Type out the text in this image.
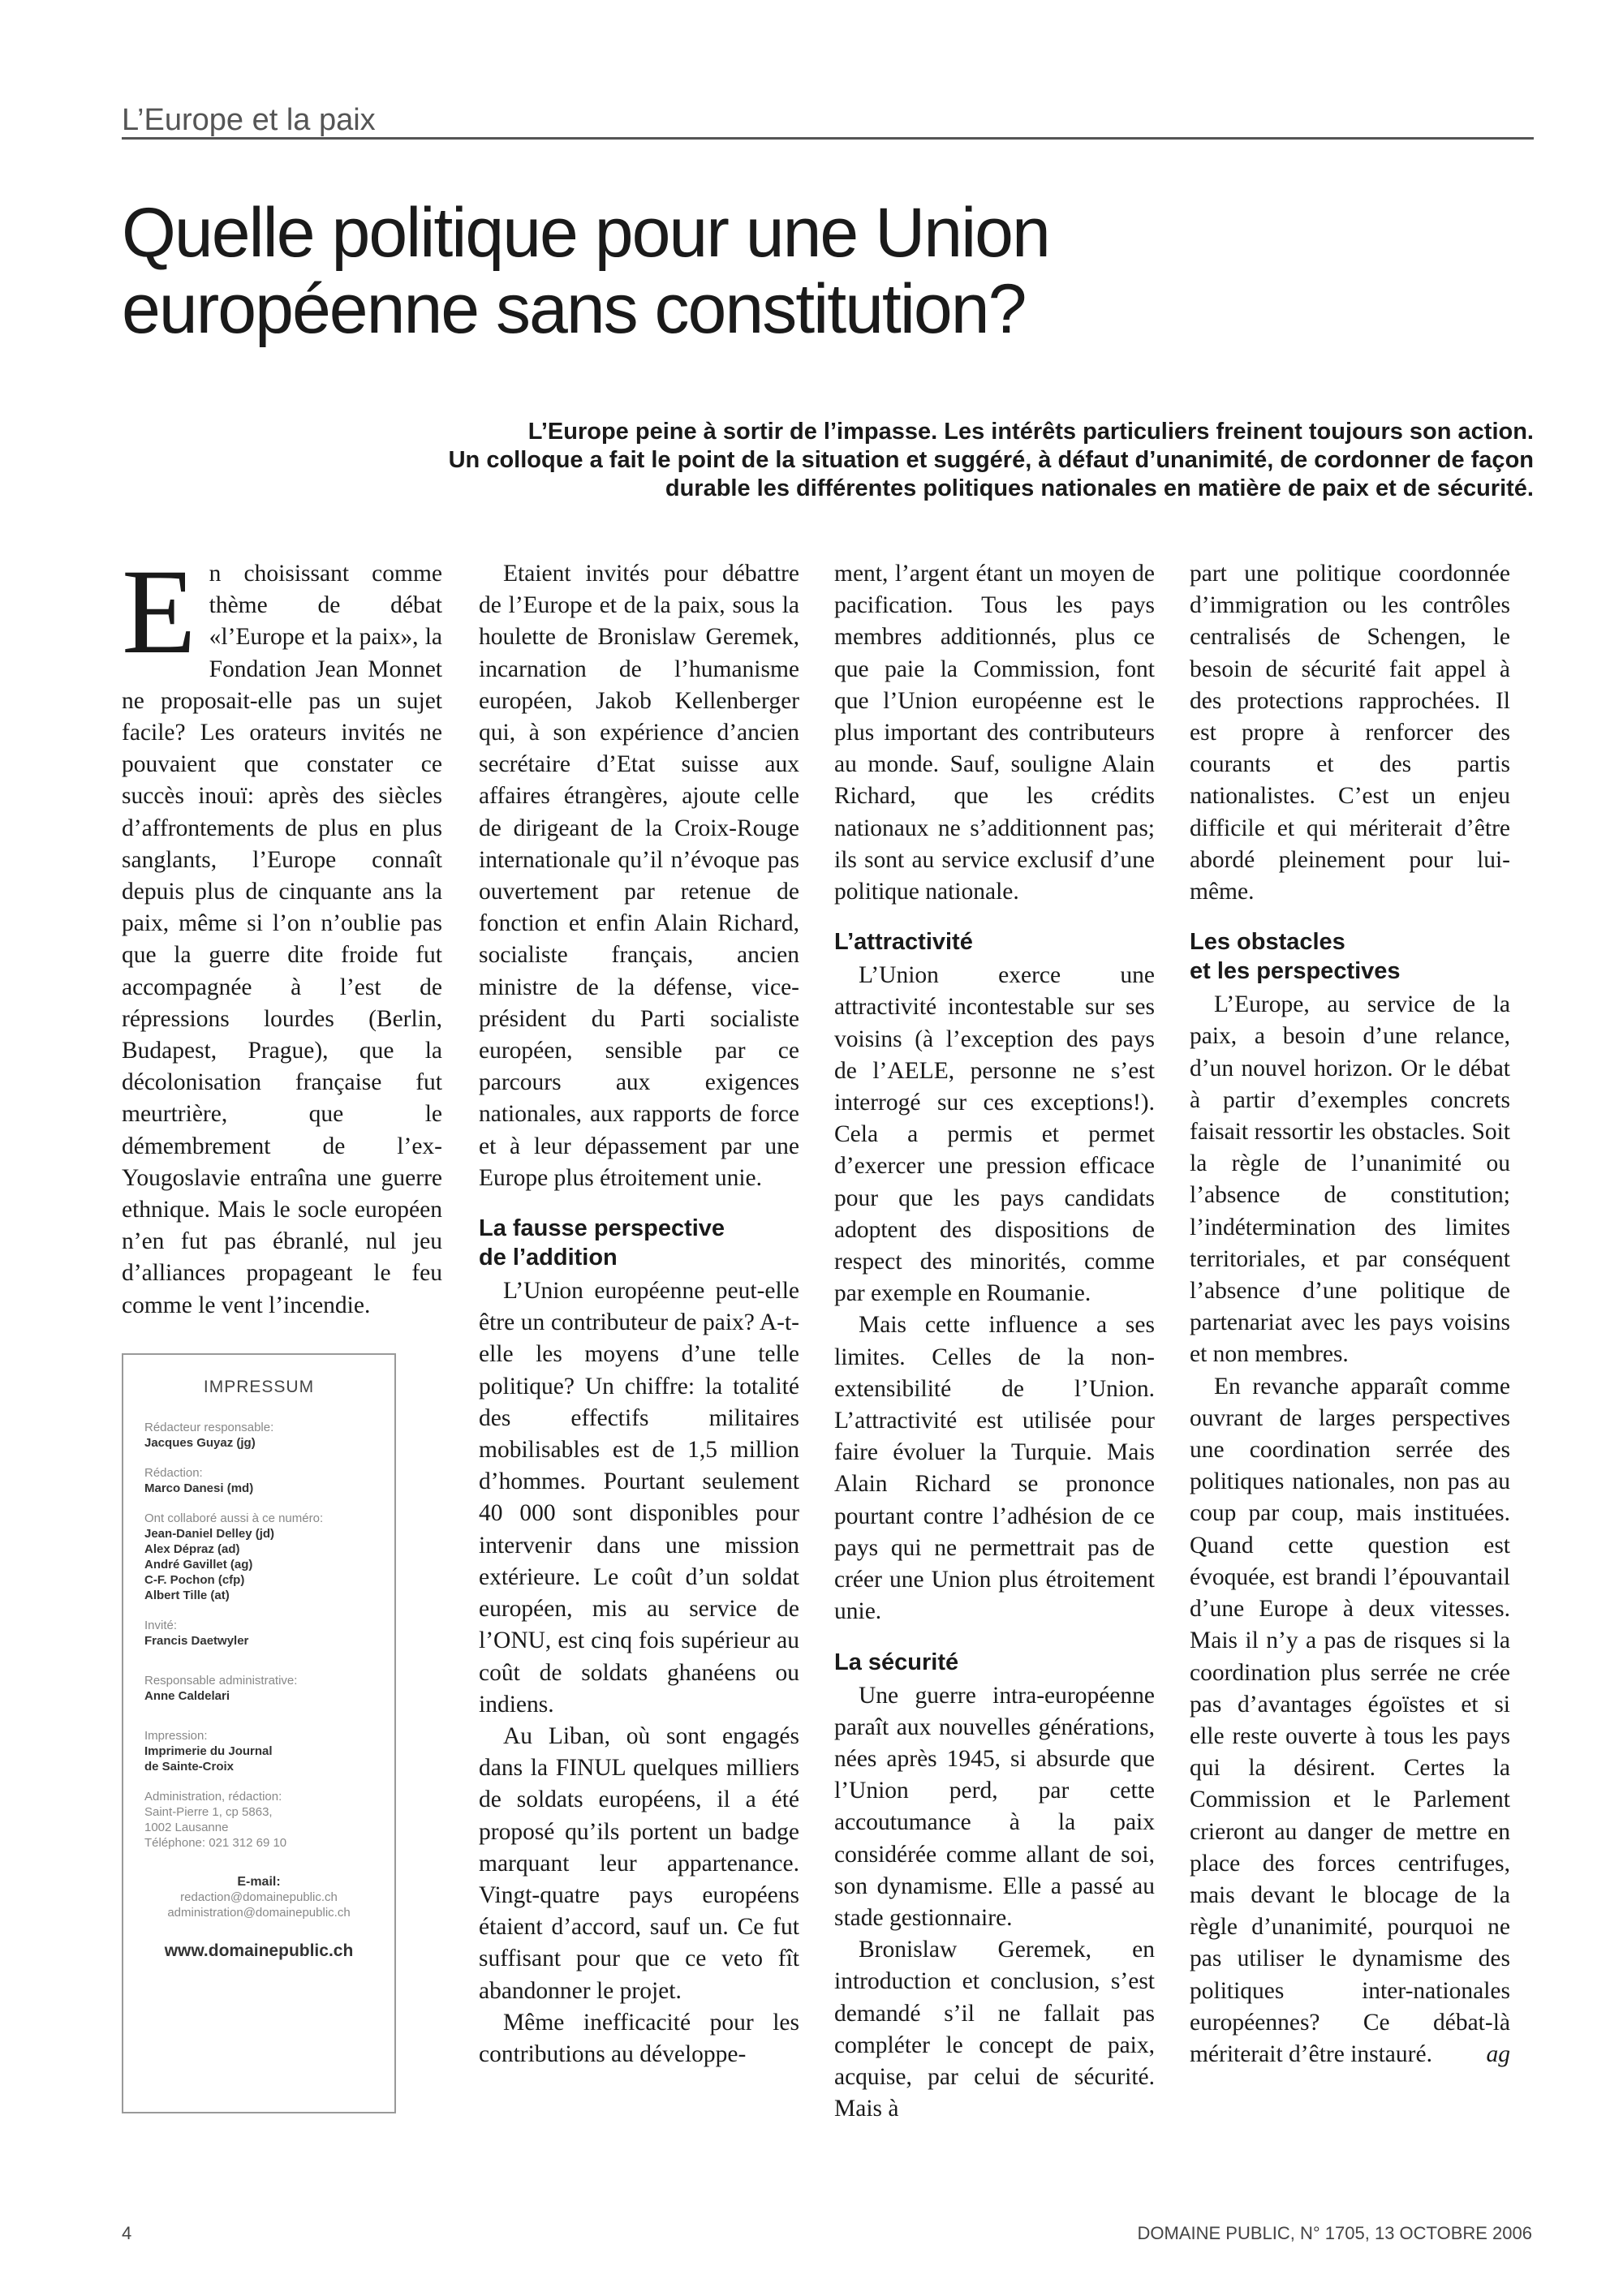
L’Europe et la paix
Quelle politique pour une Union
européenne sans constitution?
L’Europe peine à sortir de l’impasse. Les intérêts particuliers freinent toujours son action.
Un colloque a fait le point de la situation et suggéré, à défaut d’unanimité, de cordonner de façon
durable les différentes politiques nationales en matière de paix et de sécurité.

En choisissant comme thème de débat «l’Europe et la paix», la Fondation Jean Monnet ne proposait-elle pas un sujet facile? Les orateurs invités ne pouvaient que constater ce succès inouï: après des siècles d’affrontements de plus en plus sanglants, l’Europe connaît depuis plus de cinquante ans la paix, même si l’on n’oublie pas que la guerre dite froide fut accompagnée à l’est de répressions lourdes (Berlin, Budapest, Prague), que la décolonisation française fut meurtrière, que le démembrement de l’ex-Yougoslavie entraîna une guerre ethnique. Mais le socle européen n’en fut pas ébranlé, nul jeu d’alliances propageant le feu comme le vent l’incendie.

Etaient invités pour débattre de l’Europe et de la paix, sous la houlette de Bronislaw Geremek, incarnation de l’humanisme européen, Jakob Kellenberger qui, à son expérience d’ancien secrétaire d’Etat suisse aux affaires étrangères, ajoute celle de dirigeant de la Croix-Rouge internationale qu’il n’évoque pas ouvertement par retenue de fonction et enfin Alain Richard, socialiste français, ancien ministre de la défense, vice-président du Parti socialiste européen, sensible par ce parcours aux exigences nationales, aux rapports de force et à leur dépassement par une Europe plus étroitement unie.

La fausse perspective
de l’addition

L’Union européenne peut-elle être un contributeur de paix? A-t-elle les moyens d’une telle politique? Un chiffre: la totalité des effectifs militaires mobilisables est de 1,5 million d’hommes. Pourtant seulement 40 000 sont disponibles pour intervenir dans une mission extérieure. Le coût d’un soldat européen, mis au service de l’ONU, est cinq fois supérieur au coût de soldats ghanéens ou indiens.

Au Liban, où sont engagés dans la FINUL quelques milliers de soldats européens, il a été proposé qu’ils portent un badge marquant leur appartenance. Vingt-quatre pays européens étaient d’accord, sauf un. Ce fut suffisant pour que ce veto fît abandonner le projet.

Même inefficacité pour les contributions au développe-

ment, l’argent étant un moyen de pacification. Tous les pays membres additionnés, plus ce que paie la Commission, font que l’Union européenne est le plus important des contributeurs au monde. Sauf, souligne Alain Richard, que les crédits nationaux ne s’additionnent pas; ils sont au service exclusif d’une politique nationale.

L’attractivité

L’Union exerce une attractivité incontestable sur ses voisins (à l’exception des pays de l’AELE, personne ne s’est interrogé sur ces exceptions!). Cela a permis et permet d’exercer une pression efficace pour que les pays candidats adoptent des dispositions de respect des minorités, comme par exemple en Roumanie.

Mais cette influence a ses limites. Celles de la non-extensibilité de l’Union. L’attractivité est utilisée pour faire évoluer la Turquie. Mais Alain Richard se prononce pourtant contre l’adhésion de ce pays qui ne permettrait pas de créer une Union plus étroitement unie.

La sécurité

Une guerre intra-européenne paraît aux nouvelles générations, nées après 1945, si absurde que l’Union perd, par cette accoutumance à la paix considérée comme allant de soi, son dynamisme. Elle a passé au stade gestionnaire.

Bronislaw Geremek, en introduction et conclusion, s’est demandé s’il ne fallait pas compléter le concept de paix, acquise, par celui de sécurité. Mais à

part une politique coordonnée d’immigration ou les contrôles centralisés de Schengen, le besoin de sécurité fait appel à des protections rapprochées. Il est propre à renforcer des courants et des partis nationalistes. C’est un enjeu difficile et qui mériterait d’être abordé pleinement pour lui-même.

Les obstacles
et les perspectives

L’Europe, au service de la paix, a besoin d’une relance, d’un nouvel horizon. Or le débat à partir d’exemples concrets faisait ressortir les obstacles. Soit la règle de l’unanimité ou l’absence de constitution; l’indétermination des limites territoriales, et par conséquent l’absence d’une politique de partenariat avec les pays voisins et non membres.

En revanche apparaît comme ouvrant de larges perspectives une coordination serrée des politiques nationales, non pas au coup par coup, mais instituées. Quand cette question est évoquée, est brandi l’épouvantail d’une Europe à deux vitesses. Mais il n’y a pas de risques si la coordination plus serrée ne crée pas d’avantages égoïstes et si elle reste ouverte à tous les pays qui la désirent. Certes la Commission et le Parlement crieront au danger de mettre en place des forces centrifuges, mais devant le blocage de la règle d’unanimité, pourquoi ne pas utiliser le dynamisme des politiques inter-nationales européennes? Ce débat-là mériterait d’être instauré.	ag

IMPRESSUM
Rédacteur responsable:
Jacques Guyaz (jg)
Rédaction:
Marco Danesi (md)
Ont collaboré aussi à ce numéro:
Jean-Daniel Delley (jd)
Alex Dépraz (ad)
André Gavillet (ag)
C-F. Pochon (cfp)
Albert Tille (at)
Invité:
Francis Daetwyler
Responsable administrative:
Anne Caldelari
Impression:
Imprimerie du Journal
de Sainte-Croix
Administration, rédaction:
Saint-Pierre 1, cp 5863,
1002 Lausanne
Téléphone: 021 312 69 10
E-mail:
redaction@domainepublic.ch
administration@domainepublic.ch
www.domainepublic.ch
4	DOMAINE PUBLIC, N° 1705, 13 OCTOBRE 2006
